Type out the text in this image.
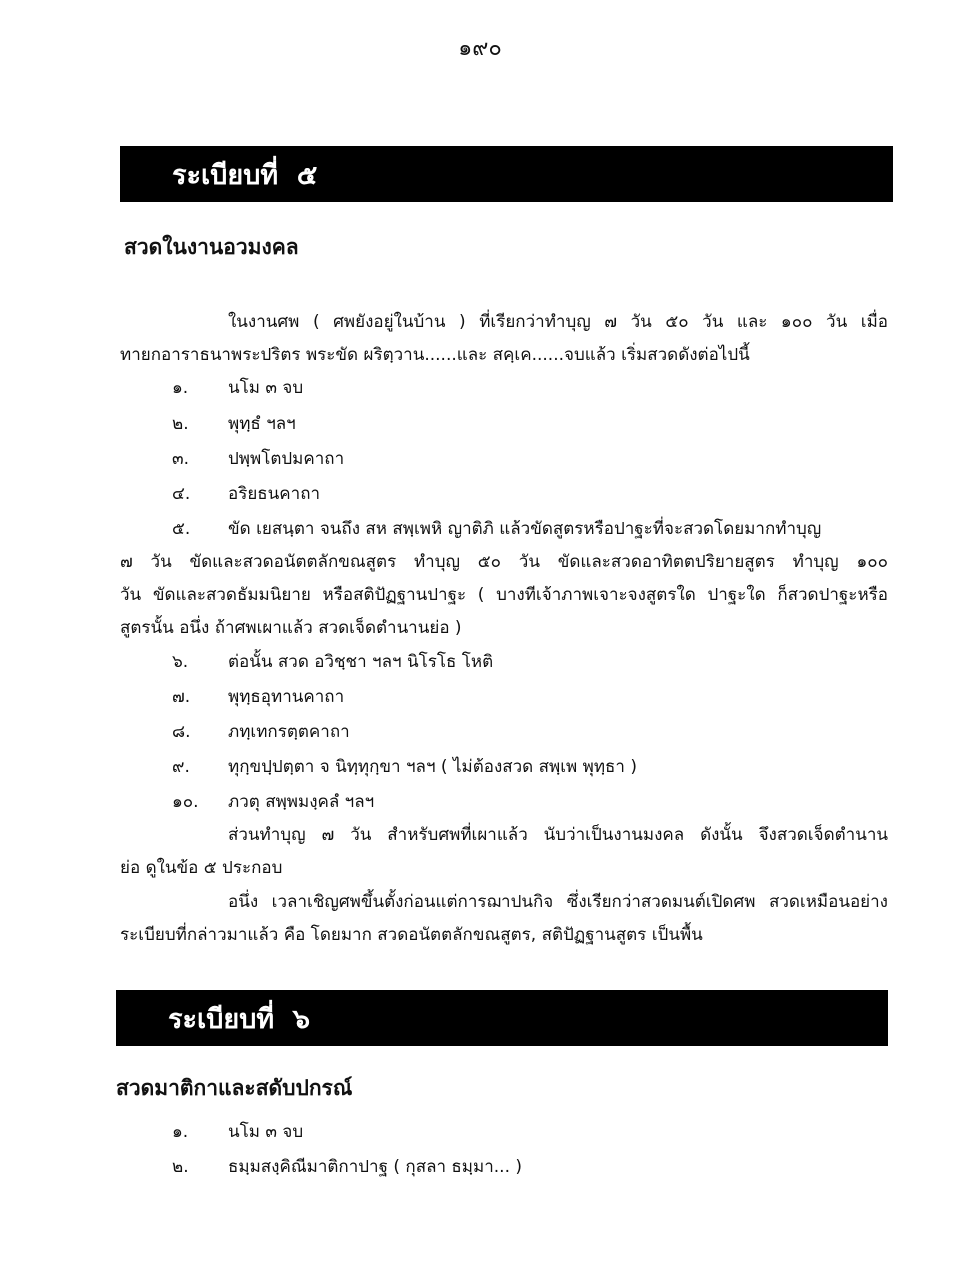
๑๙๐
ระเบียบที่  ๕
สวดในงานอวมงคล
ในงานศพ ( ศพยังอยู่ในบ้าน ) ที่เรียกว่าทำบุญ ๗ วัน ๕๐ วัน และ ๑๐๐ วัน เมื่อ
ทายกอาราธนาพระปริตร พระขัด ผริตฺวาน......และ สคฺเค......จบแล้ว เริ่มสวดดังต่อไปนี้
๑. นโม ๓ จบ
๒. พุทฺธํ ฯลฯ
๓. ปพฺพโตปมคาถา
๔. อริยธนคาถา
๕. ขัด เยสนฺตา จนถึง สห สพฺเพหิ ญาติภิ แล้วขัดสูตรหรือปาฐะที่จะสวดโดยมากทำบุญ
๗ วัน ขัดและสวดอนัตตลักขณสูตร ทำบุญ ๕๐ วัน ขัดและสวดอาทิตตปริยายสูตร ทำบุญ ๑๐๐
วัน ขัดและสวดธัมมนิยาย หรือสติปัฏฐานปาฐะ ( บางทีเจ้าภาพเจาะจงสูตรใด ปาฐะใด ก็สวดปาฐะหรือ
สูตรนั้น อนึ่ง ถ้าศพเผาแล้ว สวดเจ็ดตำนานย่อ )
๖. ต่อนั้น สวด อวิชฺชา ฯลฯ นิโรโธ โหติ
๗. พุทฺธอุทานคาถา
๘. ภทฺเทกรตฺตคาถา
๙. ทุกฺขปฺปตฺตา จ นิทฺทุกฺขา ฯลฯ ( ไม่ต้องสวด สพฺเพ พุทฺธา )
๑๐. ภวตุ สพฺพมงฺคลํ ฯลฯ
ส่วนทำบุญ ๗ วัน สำหรับศพที่เผาแล้ว นับว่าเป็นงานมงคล ดังนั้น จึงสวดเจ็ดตำนาน
ย่อ ดูในข้อ ๕ ประกอบ
อนึ่ง เวลาเชิญศพขึ้นตั้งก่อนแต่การฌาปนกิจ ซึ่งเรียกว่าสวดมนต์เปิดศพ สวดเหมือนอย่าง
ระเบียบที่กล่าวมาแล้ว คือ โดยมาก สวดอนัตตลักขณสูตร, สติปัฏฐานสูตร เป็นพื้น
ระเบียบที่  ๖
สวดมาติกาและสดับปกรณ์
๑. นโม ๓ จบ
๒. ธมฺมสงฺคิณีมาติกาปาฐ ( กุสลา ธมฺมา... )
